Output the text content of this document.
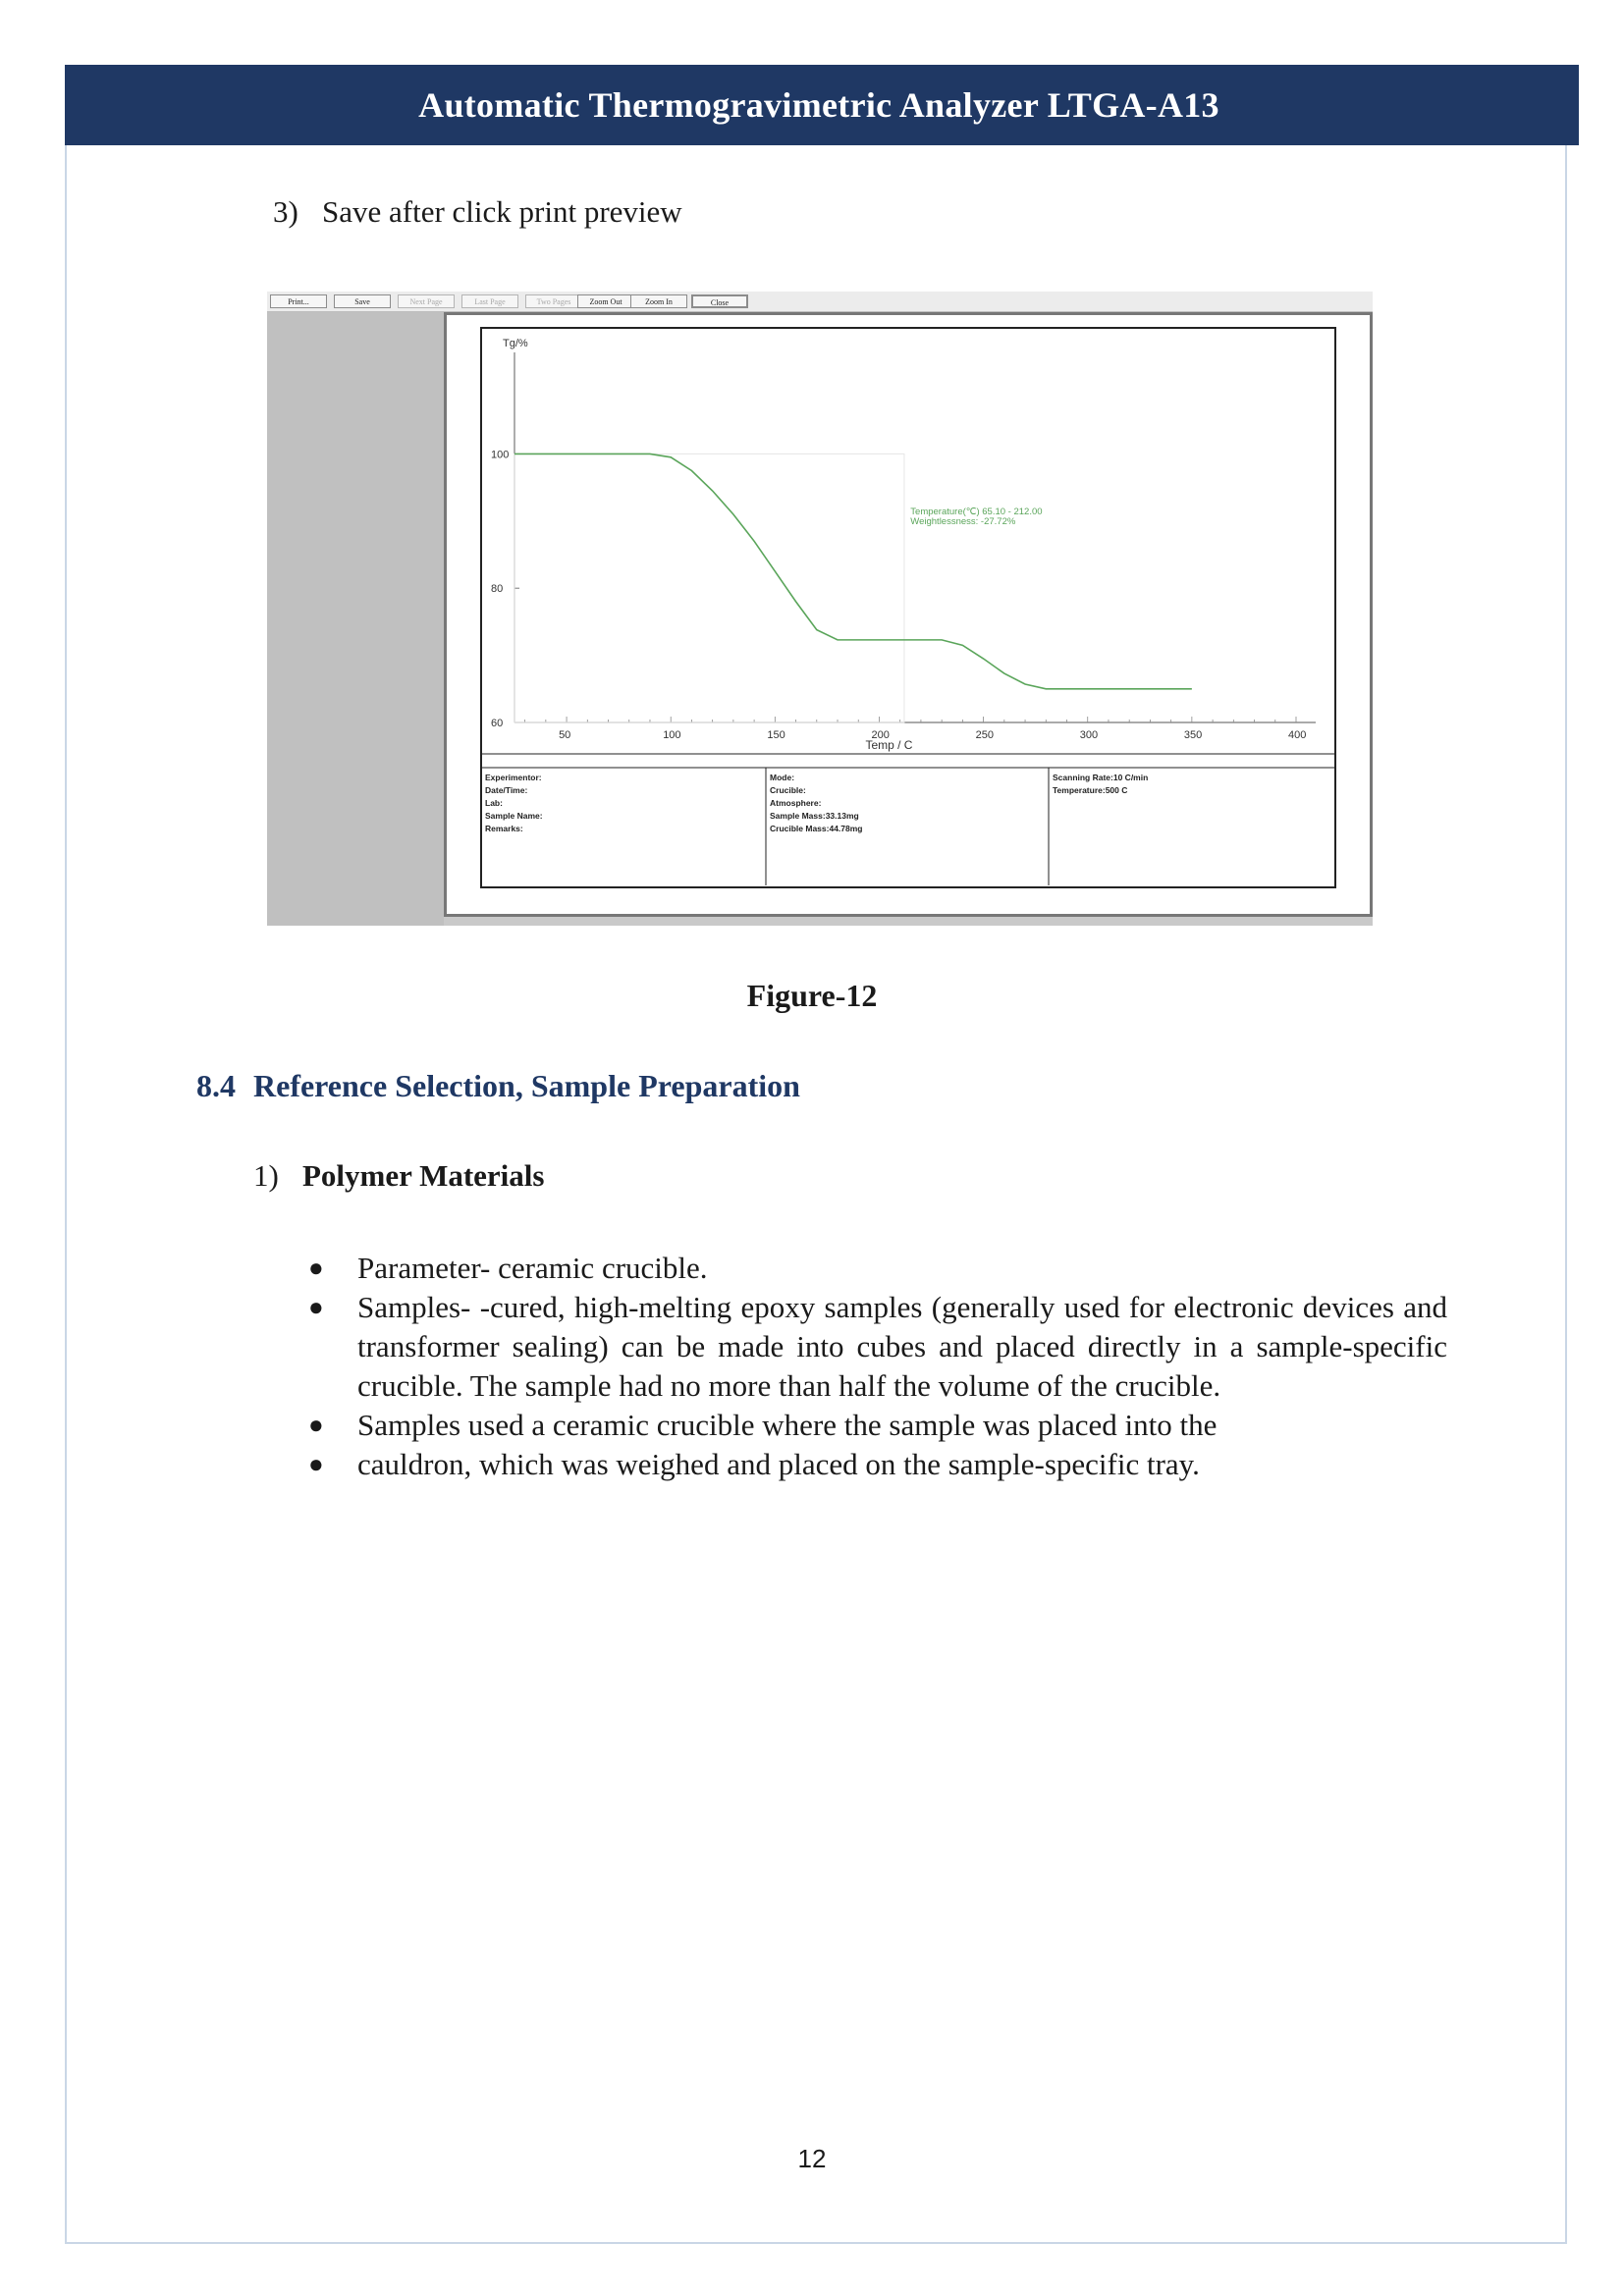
Automatic Thermogravimetric Analyzer LTGA-A13
3) Save after click print preview
Print...	Save	Next Page	Last Page	Two Pages	Zoom Out	Zoom In	Close
100
80
60
50	100	150	200	250	300	350	400
Tg/%
Temp / C
Temperature(℃) 65.10 - 212.00
Weightlessness: -27.72%
Experimentor:
Date/Time:
Lab:
Sample Name:
Remarks:
Mode:
Crucible:
Atmosphere:
Sample Mass:33.13mg
Crucible Mass:44.78mg
Scanning Rate:10 C/min
Temperature:500 C
Figure-12
8.4 Reference Selection, Sample Preparation
1) Polymer Materials
● Parameter- ceramic crucible.
● Samples- -cured, high-melting epoxy samples (generally used for electronic devices and transformer sealing) can be made into cubes and placed directly in a sample-specific crucible. The sample had no more than half the volume of the crucible.
● Samples used a ceramic crucible where the sample was placed into the
● cauldron, which was weighed and placed on the sample-specific tray.
12
